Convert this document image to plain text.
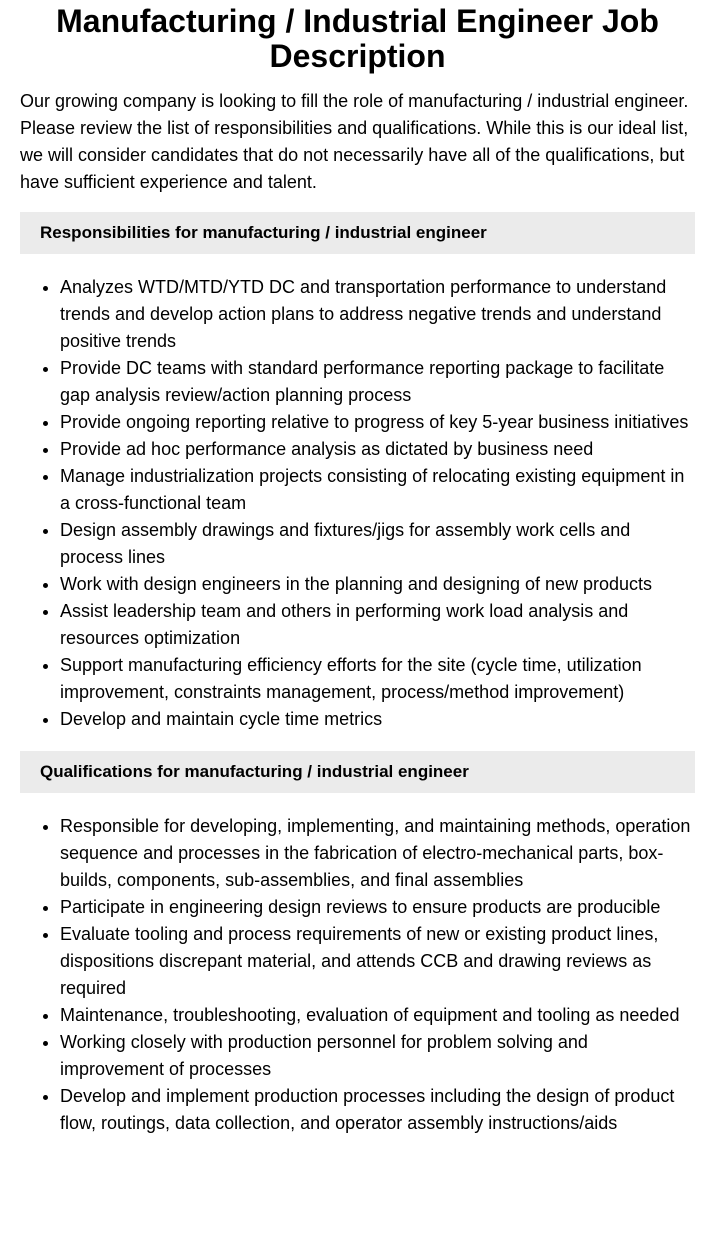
Manufacturing / Industrial Engineer Job Description

Our growing company is looking to fill the role of manufacturing / industrial engineer. Please review the list of responsibilities and qualifications. While this is our ideal list, we will consider candidates that do not necessarily have all of the qualifications, but have sufficient experience and talent.

Responsibilities for manufacturing / industrial engineer
• Analyzes WTD/MTD/YTD DC and transportation performance to understand trends and develop action plans to address negative trends and understand positive trends
• Provide DC teams with standard performance reporting package to facilitate gap analysis review/action planning process
• Provide ongoing reporting relative to progress of key 5-year business initiatives
• Provide ad hoc performance analysis as dictated by business need
• Manage industrialization projects consisting of relocating existing equipment in a cross-functional team
• Design assembly drawings and fixtures/jigs for assembly work cells and process lines
• Work with design engineers in the planning and designing of new products
• Assist leadership team and others in performing work load analysis and resources optimization
• Support manufacturing efficiency efforts for the site (cycle time, utilization improvement, constraints management, process/method improvement)
• Develop and maintain cycle time metrics
Qualifications for manufacturing / industrial engineer
• Responsible for developing, implementing, and maintaining methods, operation sequence and processes in the fabrication of electro-mechanical parts, box-builds, components, sub-assemblies, and final assemblies
• Participate in engineering design reviews to ensure products are producible
• Evaluate tooling and process requirements of new or existing product lines, dispositions discrepant material, and attends CCB and drawing reviews as required
• Maintenance, troubleshooting, evaluation of equipment and tooling as needed
• Working closely with production personnel for problem solving and improvement of processes
• Develop and implement production processes including the design of product flow, routings, data collection, and operator assembly instructions/aids
